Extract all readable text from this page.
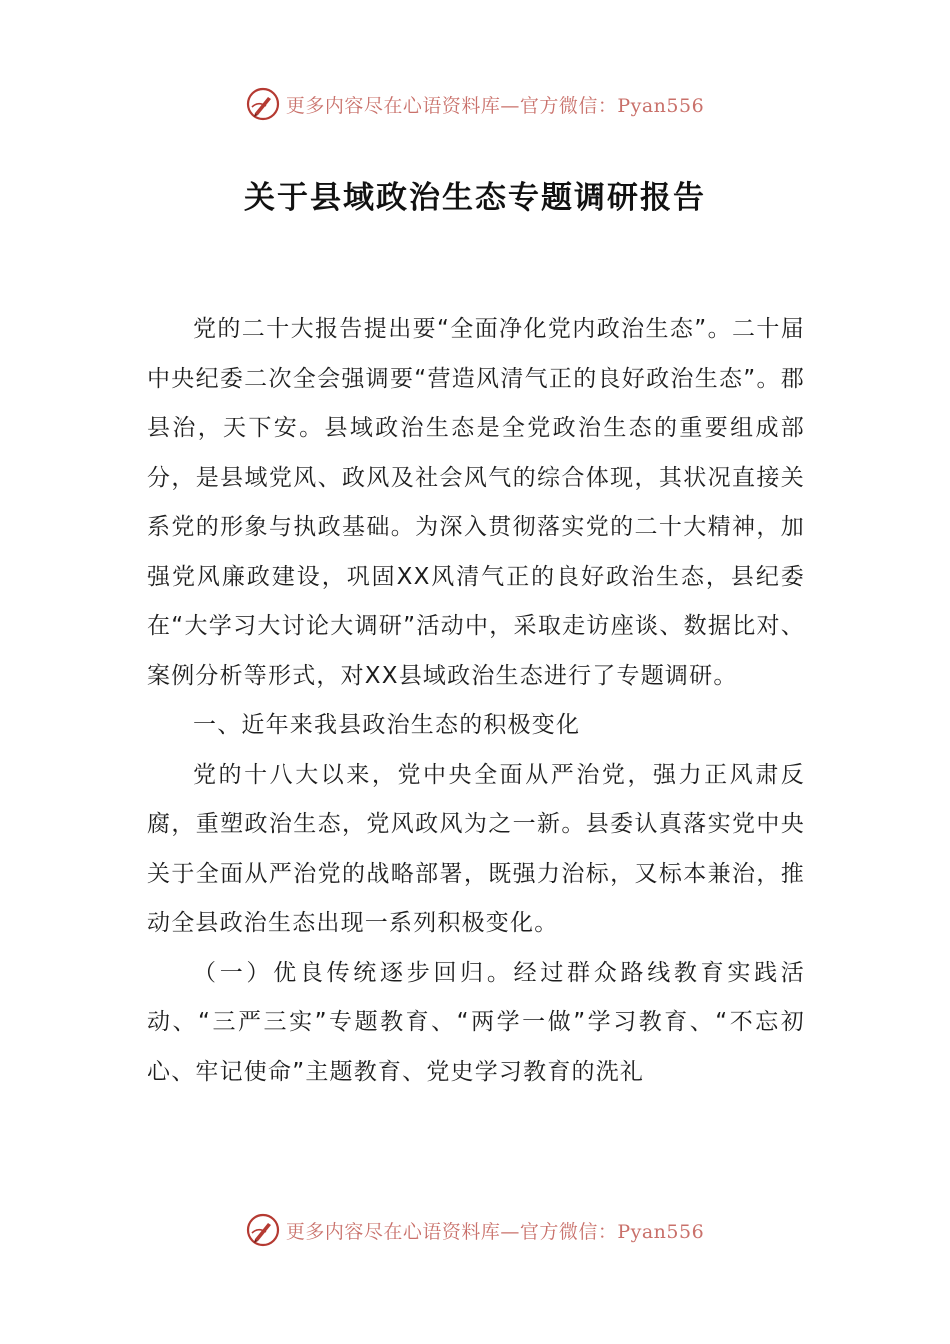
更多内容尽在心语资料库—官方微信：Pyan556
关于县域政治生态专题调研报告

党的二十大报告提出要“全面净化党内政治生态”。二十届中央纪委二次全会强调要“营造风清气正的良好政治生态”。郡县治，天下安。县域政治生态是全党政治生态的重要组成部分，是县域党风、政风及社会风气的综合体现，其状况直接关系党的形象与执政基础。为深入贯彻落实党的二十大精神，加强党风廉政建设，巩固XX风清气正的良好政治生态，县纪委在“大学习大讨论大调研”活动中，采取走访座谈、数据比对、案例分析等形式，对XX县域政治生态进行了专题调研。

一、近年来我县政治生态的积极变化

党的十八大以来，党中央全面从严治党，强力正风肃反腐，重塑政治生态，党风政风为之一新。县委认真落实党中央关于全面从严治党的战略部署，既强力治标，又标本兼治，推动全县政治生态出现一系列积极变化。

（一）优良传统逐步回归。经过群众路线教育实践活动、“三严三实”专题教育、“两学一做”学习教育、“不忘初心、牢记使命”主题教育、党史学习教育的洗礼

更多内容尽在心语资料库—官方微信：Pyan556
